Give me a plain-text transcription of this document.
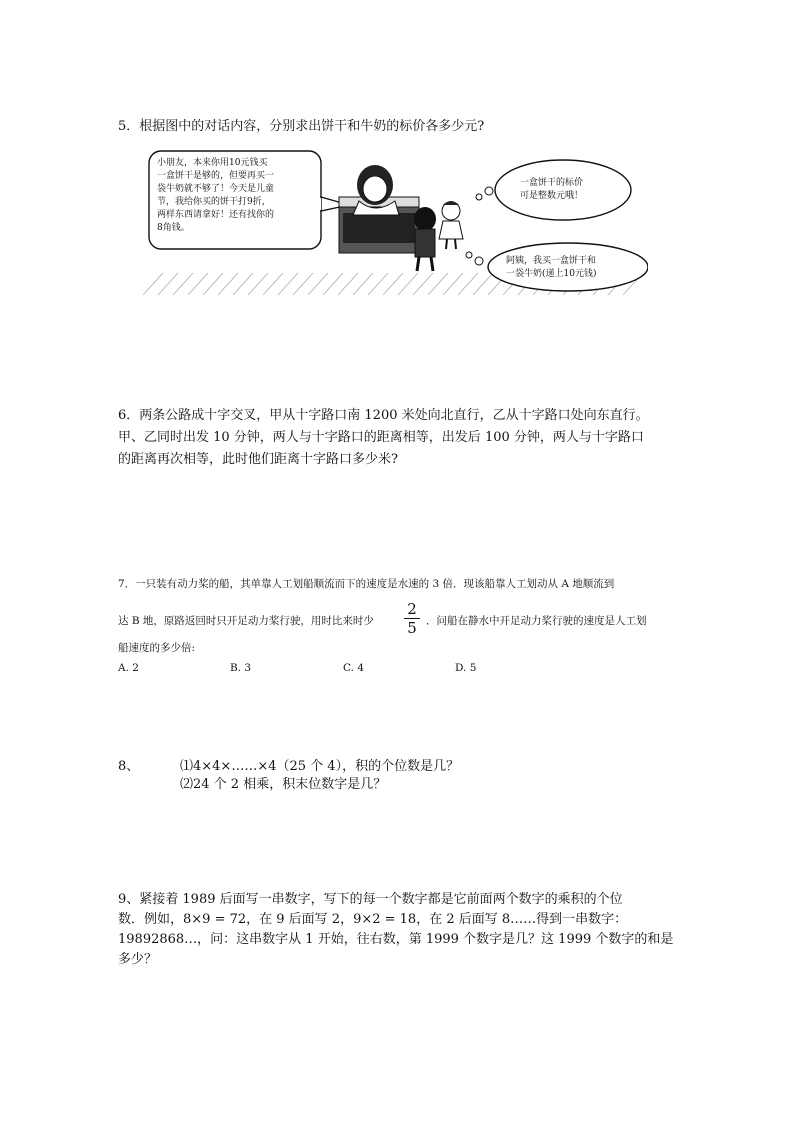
5．根据图中的对话内容，分别求出饼干和牛奶的标价各多少元?
小朋友，本来你用10元钱买
一盒饼干是够的，但要再买一
袋牛奶就不够了！今天是儿童
节，我给你买的饼干打9折，
两样东西请拿好！还有找你的
8角钱。
一盒饼干的标价
可是整数元哦！
阿姨，我买一盒饼干和
一袋牛奶(递上10元钱)
6．两条公路成十字交叉，甲从十字路口南 1200 米处向北直行，乙从十字路口处向东直行。
甲、乙同时出发 10 分钟，两人与十字路口的距离相等，出发后 100 分钟，两人与十字路口
的距离再次相等，此时他们距离十字路口多少米?
7．一只装有动力桨的船，其单靠人工划船顺流而下的速度是水速的 3 倍．现该船靠人工划动从 A 地顺流到
达 B 地，原路返回时只开足动力桨行驶，用时比来时少
2
5 ．问船在静水中开足动力桨行驶的速度是人工划
船速度的多少倍:
A. 2	B. 3	C. 4	D. 5
8、	⑴4×4×……×4（25 个 4），积的个位数是几？
⑵24 个 2 相乘，积末位数字是几？
9、紧接着 1989 后面写一串数字，写下的每一个数字都是它前面两个数字的乘积的个位
数．例如，8×9 = 72，在 9 后面写 2，9×2 = 18，在 2 后面写 8……得到一串数字：
19892868…，问：这串数字从 1 开始，往右数，第 1999 个数字是几？这 1999 个数字的和是
多少？
